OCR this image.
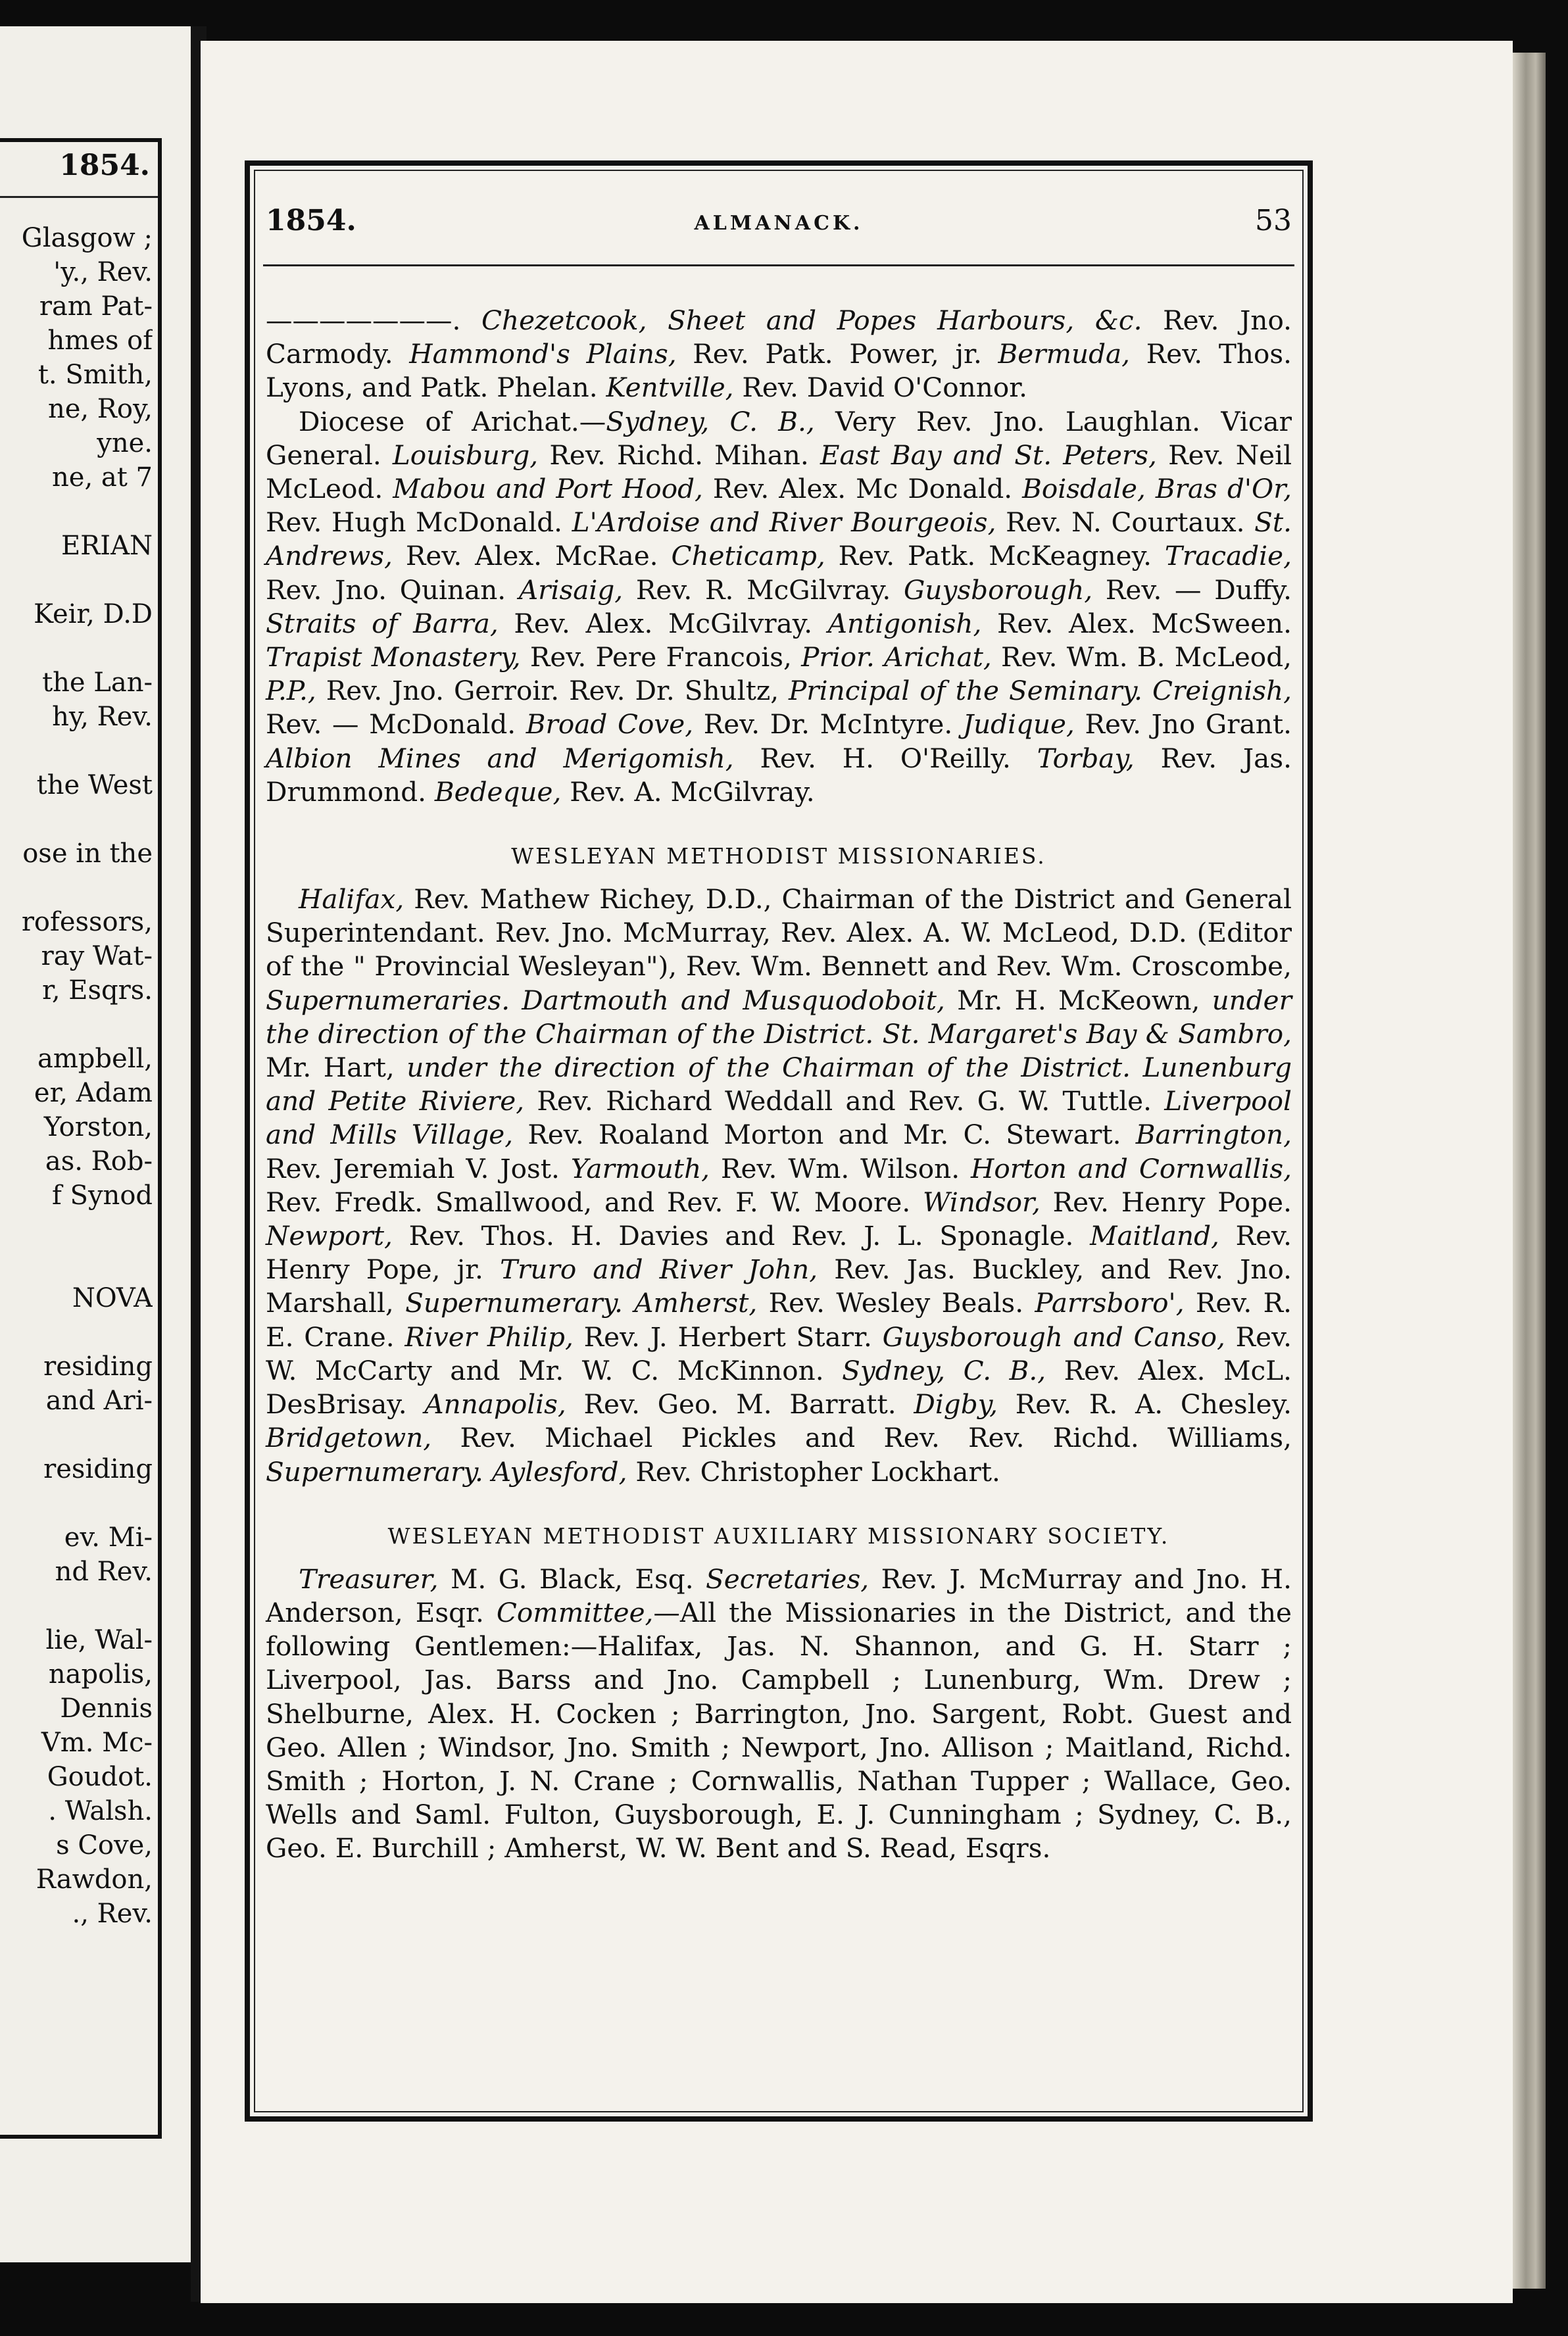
1854.
Glasgow ;
'y., Rev.
ram Pat-
hmes of
t. Smith,
ne, Roy,
yne.
ne, at 7
ERIAN
Keir, D.D
the Lan-
hy, Rev.
the West
ose in the
rofessors,
ray Wat-
r, Esqrs.
ampbell,
er, Adam
Yorston,
as. Rob-
f Synod
NOVA
residing
and Ari-
residing
ev. Mi-
nd Rev.
lie, Wal-
napolis,
Dennis
Vm. Mc-
Goudot.
. Walsh.
s Cove,
Rawdon,
., Rev.
1854.	ALMANACK.	53

———————. Chezetcook, Sheet and Popes Harbours, &c. Rev. Jno. Carmody. Hammond's Plains, Rev. Patk. Power, jr. Bermuda, Rev. Thos. Lyons, and Patk. Phelan. Kentville, Rev. David O'Connor.

Diocese of Arichat.—Sydney, C. B., Very Rev. Jno. Laughlan. Vicar General. Louisburg, Rev. Richd. Mihan. East Bay and St. Peters, Rev. Neil McLeod. Mabou and Port Hood, Rev. Alex. Mc Donald. Boisdale, Bras d'Or, Rev. Hugh McDonald. L'Ardoise and River Bourgeois, Rev. N. Courtaux. St. Andrews, Rev. Alex. McRae. Cheticamp, Rev. Patk. McKeagney. Tracadie, Rev. Jno. Quinan. Arisaig, Rev. R. McGilvray. Guysborough, Rev. — Duffy. Straits of Barra, Rev. Alex. McGilvray. Antigonish, Rev. Alex. McSween. Trapist Monastery, Rev. Pere Francois, Prior. Arichat, Rev. Wm. B. McLeod, P.P., Rev. Jno. Gerroir. Rev. Dr. Shultz, Principal of the Seminary. Creignish, Rev. — McDonald. Broad Cove, Rev. Dr. McIntyre. Judique, Rev. Jno Grant. Albion Mines and Merigomish, Rev. H. O'Reilly. Torbay, Rev. Jas. Drummond. Bedeque, Rev. A. McGilvray.

WESLEYAN METHODIST MISSIONARIES.

Halifax, Rev. Mathew Richey, D.D., Chairman of the District and General Superintendant. Rev. Jno. McMurray, Rev. Alex. A. W. McLeod, D.D. (Editor of the " Provincial Wesleyan"), Rev. Wm. Bennett and Rev. Wm. Croscombe, Supernumeraries. Dartmouth and Musquodoboit, Mr. H. McKeown, under the direction of the Chairman of the District. St. Margaret's Bay & Sambro, Mr. Hart, under the direction of the Chairman of the District. Lunenburg and Petite Riviere, Rev. Richard Weddall and Rev. G. W. Tuttle. Liverpool and Mills Village, Rev. Roaland Morton and Mr. C. Stewart. Barrington, Rev. Jeremiah V. Jost. Yarmouth, Rev. Wm. Wilson. Horton and Cornwallis, Rev. Fredk. Smallwood, and Rev. F. W. Moore. Windsor, Rev. Henry Pope. Newport, Rev. Thos. H. Davies and Rev. J. L. Sponagle. Maitland, Rev. Henry Pope, jr. Truro and River John, Rev. Jas. Buckley, and Rev. Jno. Marshall, Supernumerary. Amherst, Rev. Wesley Beals. Parrsboro', Rev. R. E. Crane. River Philip, Rev. J. Herbert Starr. Guysborough and Canso, Rev. W. McCarty and Mr. W. C. McKinnon. Sydney, C. B., Rev. Alex. McL. DesBrisay. Annapolis, Rev. Geo. M. Barratt. Digby, Rev. R. A. Chesley. Bridgetown, Rev. Michael Pickles and Rev. Rev. Richd. Williams, Supernumerary. Aylesford, Rev. Christopher Lockhart.

WESLEYAN METHODIST AUXILIARY MISSIONARY SOCIETY.

Treasurer, M. G. Black, Esq. Secretaries, Rev. J. McMurray and Jno. H. Anderson, Esqr. Committee,—All the Missionaries in the District, and the following Gentlemen:—Halifax, Jas. N. Shannon, and G. H. Starr ; Liverpool, Jas. Barss and Jno. Campbell ; Lunenburg, Wm. Drew ; Shelburne, Alex. H. Cocken ; Barrington, Jno. Sargent, Robt. Guest and Geo. Allen ; Windsor, Jno. Smith ; Newport, Jno. Allison ; Maitland, Richd. Smith ; Horton, J. N. Crane ; Cornwallis, Nathan Tupper ; Wallace, Geo. Wells and Saml. Fulton, Guysborough, E. J. Cunningham ; Sydney, C. B., Geo. E. Burchill ; Amherst, W. W. Bent and S. Read, Esqrs.
